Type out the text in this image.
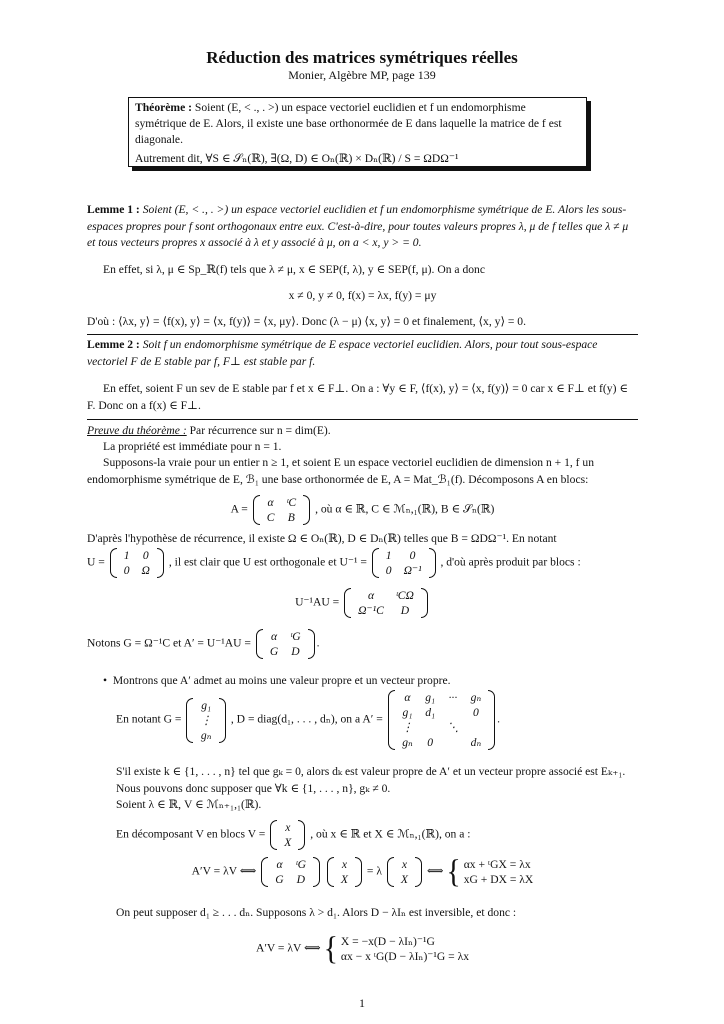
Réduction des matrices symétriques réelles
Monier, Algèbre MP, page 139
Théorème : Soient (E, < ., . >) un espace vectoriel euclidien et f un endomorphisme symétrique de E. Alors, il existe une base orthonormée de E dans laquelle la matrice de f est diagonale.
Autrement dit, ∀S ∈ 𝒮ₙ(ℝ), ∃(Ω, D) ∈ Oₙ(ℝ) × Dₙ(ℝ) / S = ΩDΩ⁻¹
Lemme 1 : Soient (E, < ., . >) un espace vectoriel euclidien et f un endomorphisme symétrique de E. Alors les sous-espaces propres pour f sont orthogonaux entre eux. C'est-à-dire, pour toutes valeurs propres λ, μ de f telles que λ ≠ μ et tous vecteurs propres x associé à λ et y associé à μ, on a < x, y > = 0.
En effet, si λ, μ ∈ Sp_ℝ(f) tels que λ ≠ μ, x ∈ SEP(f, λ), y ∈ SEP(f, μ). On a donc
x ≠ 0, y ≠ 0, f(x) = λx, f(y) = μy
D'où : ⟨λx, y⟩ = ⟨f(x), y⟩ = ⟨x, f(y)⟩ = ⟨x, μy⟩. Donc (λ − μ) ⟨x, y⟩ = 0 et finalement, ⟨x, y⟩ = 0.
Lemme 2 : Soit f un endomorphisme symétrique de E espace vectoriel euclidien. Alors, pour tout sous-espace vectoriel F de E stable par f, F⊥ est stable par f.
En effet, soient F un sev de E stable par f et x ∈ F⊥. On a : ∀y ∈ F, ⟨f(x), y⟩ = ⟨x, f(y)⟩ = 0 car x ∈ F⊥ et f(y) ∈ F. Donc on a f(x) ∈ F⊥.
Preuve du théorème : Par récurrence sur n = dim(E).
La propriété est immédiate pour n = 1.
Supposons-la vraie pour un entier n ≥ 1, et soient E un espace vectoriel euclidien de dimension n + 1, f un endomorphisme symétrique de E, ℬ₁ une base orthonormée de E, A = Mat_ℬ₁(f). Décomposons A en blocs:
A =
α	ᵗC
C	B
, où α ∈ ℝ, C ∈ ℳₙ,₁(ℝ), B ∈ 𝒮ₙ(ℝ)
D'après l'hypothèse de récurrence, il existe Ω ∈ Oₙ(ℝ), D ∈ Dₙ(ℝ) telles que B = ΩDΩ⁻¹. En notant
U =
1	0
0	Ω
, il est clair que U est orthogonale et U⁻¹ =
1	0
0	Ω⁻¹
, d'où après produit par blocs :
U⁻¹AU =
α	ᵗCΩ
Ω⁻¹C	D
Notons G = Ω⁻¹C et A′ = U⁻¹AU =
α	ᵗG
G	D
.
•  Montrons que A′ admet au moins une valeur propre et un vecteur propre.
En notant G =
g₁
⋮
gₙ
, D = diag(d₁, . . . , dₙ), on a A′ =
α	g₁	···	gₙ
g₁	d₁		0
⋮		⋱	
gₙ	0		dₙ
.
S'il existe k ∈ {1, . . . , n} tel que gₖ = 0, alors dₖ est valeur propre de A′ et un vecteur propre associé est Eₖ₊₁. Nous pouvons donc supposer que ∀k ∈ {1, . . . , n}, gₖ ≠ 0.
Soient λ ∈ ℝ, V ∈ ℳₙ₊₁,₁(ℝ).
En décomposant V en blocs V =
x
X
, où x ∈ ℝ et X ∈ ℳₙ,₁(ℝ), on a :
A′V = λV ⟺
α	ᵗG
G	D

x
X
= λ
x
X
⟺ { αx + ᵗGX = λx
xG + DX = λX
On peut supposer d₁ ≥ . . . dₙ. Supposons λ > d₁. Alors D − λIₙ est inversible, et donc :
A′V = λV ⟺ { X = −x(D − λIₙ)⁻¹G
αx − x ᵗG(D − λIₙ)⁻¹G = λx
1
